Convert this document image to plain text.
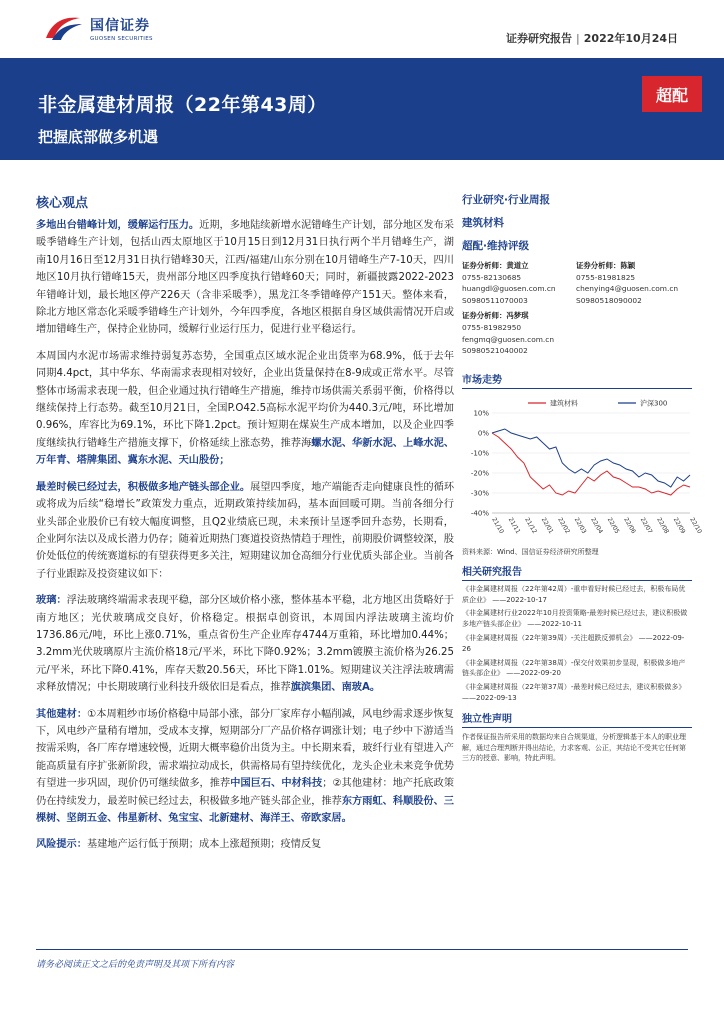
国信证券
GUOSEN SECURITIES	证券研究报告 | 2022年10月24日
非金属建材周报（22年第43周）
把握底部做多机遇
超配
核心观点

多地出台错峰计划，缓解运行压力。近期，多地陆续新增水泥错峰生产计划，部分地区发布采暖季错峰生产计划，包括山西太原地区于10月15日到12月31日执行两个半月错峰生产，湖南10月16日至12月31日执行错峰30天，江西/福建/山东分别在10月错峰生产7-10天，四川地区10月执行错峰15天，贵州部分地区四季度执行错峰60天；同时，新疆披露2022-2023年错峰计划，最长地区停产226天（含非采暖季），黑龙江冬季错峰停产151天。整体来看，除北方地区常态化采暖季错峰生产计划外，今年四季度，各地区根据自身区域供需情况开启或增加错峰生产，保持企业协同，缓解行业运行压力，促进行业平稳运行。

本周国内水泥市场需求维持弱复苏态势，全国重点区域水泥企业出货率为68.9%，低于去年同期4.4pct，其中华东、华南需求表现相对较好，企业出货量保持在8-9成或正常水平。尽管整体市场需求表现一般，但企业通过执行错峰生产措施，维持市场供需关系弱平衡，价格得以继续保持上行态势。截至10月21日，全国P.O42.5高标水泥平均价为440.3元/吨，环比增加0.96%，库容比为69.1%，环比下降1.2pct。预计短期在煤炭生产成本增加，以及企业四季度继续执行错峰生产措施支撑下，价格延续上涨态势，推荐海螺水泥、华新水泥、上峰水泥、万年青、塔牌集团、冀东水泥、天山股份；

最差时候已经过去，积极做多地产链头部企业。展望四季度，地产端能否走向健康良性的循环或将成为后续“稳增长”政策发力重点，近期政策持续加码，基本面回暖可期。当前各细分行业头部企业股价已有较大幅度调整，且Q2业绩底已现，未来预计呈逐季回升态势，长期看，企业阿尔法以及成长潜力仍存；随着近期热门赛道投资热情趋于理性，前期股价调整较深，股价处低位的传统赛道标的有望获得更多关注，短期建议加仓高细分行业优质头部企业。当前各子行业跟踪及投资建议如下：

玻璃：浮法玻璃终端需求表现平稳，部分区域价格小涨，整体基本平稳，北方地区出货略好于南方地区；光伏玻璃成交良好，价格稳定。根据卓创资讯，本周国内浮法玻璃主流均价1736.86元/吨，环比上涨0.71%，重点省份生产企业库存4744万重箱，环比增加0.44%；3.2mm光伏玻璃原片主流价格18元/平米，环比下降0.92%；3.2mm镀膜主流价格为26.25元/平米，环比下降0.41%，库存天数20.56天，环比下降1.01%。短期建议关注浮法玻璃需求释放情况；中长期玻璃行业科技升级依旧是看点，推荐旗滨集团、南玻A。

其他建材：①本周粗纱市场价格稳中局部小涨，部分厂家库存小幅削减，风电纱需求逐步恢复下，风电纱产量稍有增加，受成本支撑，短期部分厂产品价格存调涨计划；电子纱中下游适当按需采购，各厂库存增速较慢，近期大概率稳价出货为主。中长期来看，玻纤行业有望进入产能高质量有序扩张新阶段，需求端拉动成长，供需格局有望持续优化，龙头企业未来竞争优势有望进一步巩固，现价仍可继续做多，推荐中国巨石、中材科技；②其他建材：地产托底政策仍在持续发力，最差时候已经过去，积极做多地产链头部企业，推荐东方雨虹、科顺股份、三棵树、坚朗五金、伟星新材、兔宝宝、北新建材、海洋王、帝欧家居。

风险提示：基建地产运行低于预期；成本上涨超预期；疫情反复

行业研究·行业周报
建筑材料
超配·维持评级
证券分析师：黄道立
0755-82130685
huangdl@guosen.com.cn
S0980511070003
证券分析师：陈颖
0755-81981825
chenying4@guosen.com.cn
S0980518090002
证券分析师：冯梦琪
0755-81982950
fengmq@guosen.com.cn
S0980521040002
市场走势
10%
0%
-10%
-20%
-30%
-40%
21/10 21/11 21/12 22/01 22/02 22/03 22/04 22/05 22/06 22/07 22/08 22/09 22/10
建筑材料	沪深300
资料来源：Wind、国信证券经济研究所整理
相关研究报告
《非金属建材周报（22年第42周）-重申看好时候已经过去，积极布局优质企业》 ——2022-10-17
《非金属建材行业2022年10月投资策略-最差时候已经过去，建议积极做多地产链头部企业》 ——2022-10-11
《非金属建材周报（22年第39周）-关注超跌反弹机会》 ——2022-09-26
《非金属建材周报（22年第38周）-保交付效果初步显现，积极做多地产链头部企业》 ——2022-09-20
《非金属建材周报（22年第37周）-最差时候已经过去，建议积极做多》 ——2022-09-13
独立性声明
作者保证报告所采用的数据均来自合规渠道，分析逻辑基于本人的职业理解，通过合理判断并得出结论，力求客观、公正，其结论不受其它任何第三方的授意、影响，特此声明。
请务必阅读正文之后的免责声明及其项下所有内容
